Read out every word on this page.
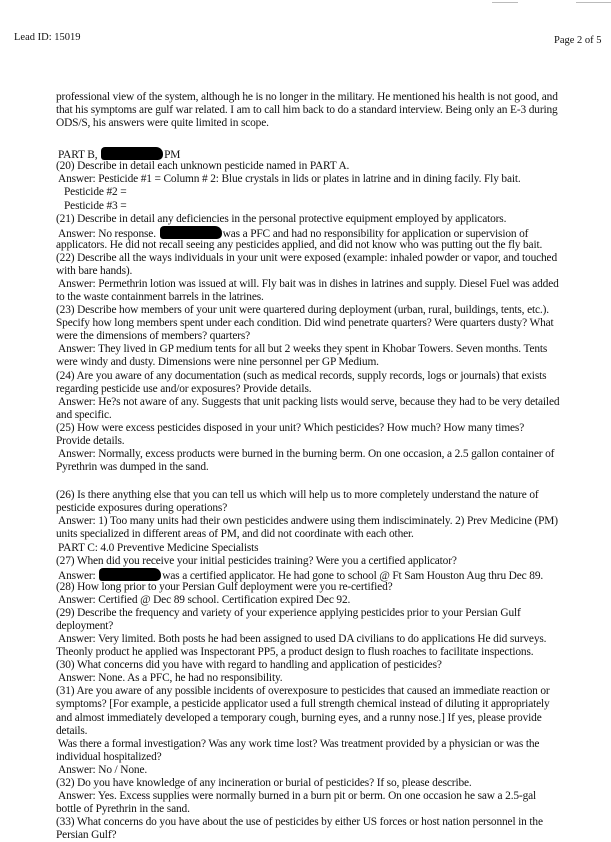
Lead ID: 15019	Page 2 of 5
professional view of the system, although he is no longer in the military. He mentioned his health is not good, and
that his symptoms are gulf war related. I am to call him back to do a standard interview. Being only an E-3 during
ODS/S, his answers were quite limited in scope.
PART B,	PM
(20) Describe in detail each unknown pesticide named in PART A.
Answer: Pesticide #1 = Column # 2: Blue crystals in lids or plates in latrine and in dining facily. Fly bait.
Pesticide #2 =
Pesticide #3 =
(21) Describe in detail any deficiencies in the personal protective equipment employed by applicators.
Answer: No response.	was a PFC and had no responsibility for application or supervision of
applicators. He did not recall seeing any pesticides applied, and did not know who was putting out the fly bait.
(22) Describe all the ways individuals in your unit were exposed (example: inhaled powder or vapor, and touched
with bare hands).
Answer: Permethrin lotion was issued at will. Fly bait was in dishes in latrines and supply. Diesel Fuel was added
to the waste containment barrels in the latrines.
(23) Describe how members of your unit were quartered during deployment (urban, rural, buildings, tents, etc.).
Specify how long members spent under each condition. Did wind penetrate quarters? Were quarters dusty? What
were the dimensions of members? quarters?
Answer: They lived in GP medium tents for all but 2 weeks they spent in Khobar Towers. Seven months. Tents
were windy and dusty. Dimensions were nine personnel per GP Medium.
(24) Are you aware of any documentation (such as medical records, supply records, logs or journals) that exists
regarding pesticide use and/or exposures? Provide details.
Answer: He?s not aware of any. Suggests that unit packing lists would serve, because they had to be very detailed
and specific.
(25) How were excess pesticides disposed in your unit? Which pesticides? How much? How many times?
Provide details.
Answer: Normally, excess products were burned in the burning berm. On one occasion, a 2.5 gallon container of
Pyrethrin was dumped in the sand.
(26) Is there anything else that you can tell us which will help us to more completely understand the nature of
pesticide exposures during operations?
Answer: 1) Too many units had their own pesticides andwere using them indisciminately. 2) Prev Medicine (PM)
units specialized in different areas of PM, and did not coordinate with each other.
PART C: 4.0 Preventive Medicine Specialists
(27) When did you receive your initial pesticides training? Were you a certified applicator?
Answer:	was a certified applicator. He had gone to school @ Ft Sam Houston Aug thru Dec 89.
(28) How long prior to your Persian Gulf deployment were you re-certified?
Answer: Certified @ Dec 89 school. Certification expired Dec 92.
(29) Describe the frequency and variety of your experience applying pesticides prior to your Persian Gulf
deployment?
Answer: Very limited. Both posts he had been assigned to used DA civilians to do applications He did surveys.
Theonly product he applied was Inspectorant PP5, a product design to flush roaches to facilitate inspections.
(30) What concerns did you have with regard to handling and application of pesticides?
Answer: None. As a PFC, he had no responsibility.
(31) Are you aware of any possible incidents of overexposure to pesticides that caused an immediate reaction or
symptoms? [For example, a pesticide applicator used a full strength chemical instead of diluting it appropriately
and almost immediately developed a temporary cough, burning eyes, and a runny nose.] If yes, please provide
details.
Was there a formal investigation? Was any work time lost? Was treatment provided by a physician or was the
individual hospitalized?
Answer: No / None.
(32) Do you have knowledge of any incineration or burial of pesticides? If so, please describe.
Answer: Yes. Excess supplies were normally burned in a burn pit or berm. On one occasion he saw a 2.5-gal
bottle of Pyrethrin in the sand.
(33) What concerns do you have about the use of pesticides by either US forces or host nation personnel in the
Persian Gulf?
